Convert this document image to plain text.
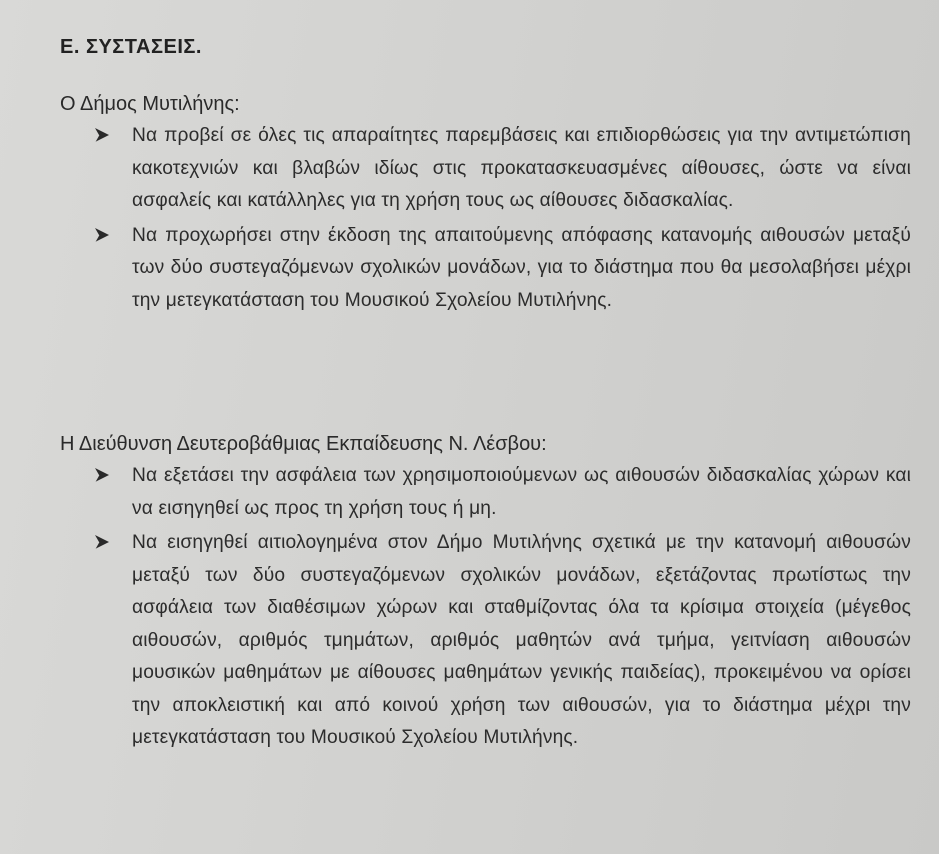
Ε. ΣΥΣΤΑΣΕΙΣ.
Ο Δήμος Μυτιλήνης:
Να προβεί σε όλες τις απαραίτητες παρεμβάσεις και επιδιορθώσεις για την αντιμετώπιση κακοτεχνιών και βλαβών ιδίως στις προκατασκευασμένες αίθουσες, ώστε να είναι ασφαλείς και κατάλληλες για τη χρήση τους ως αίθουσες διδασκαλίας.
Να προχωρήσει στην έκδοση της απαιτούμενης απόφασης κατανομής αιθουσών μεταξύ των δύο συστεγαζόμενων σχολικών μονάδων, για το διάστημα που θα μεσολαβήσει μέχρι την μετεγκατάσταση του Μουσικού Σχολείου Μυτιλήνης.
Η Διεύθυνση Δευτεροβάθμιας Εκπαίδευσης Ν. Λέσβου:
Να εξετάσει την ασφάλεια των χρησιμοποιούμενων ως αιθουσών διδασκαλίας χώρων και να εισηγηθεί ως προς τη χρήση τους ή μη.
Να εισηγηθεί αιτιολογημένα στον Δήμο Μυτιλήνης σχετικά με την κατανομή αιθουσών μεταξύ των δύο συστεγαζόμενων σχολικών μονάδων, εξετάζοντας πρωτίστως την ασφάλεια των διαθέσιμων χώρων και σταθμίζοντας όλα τα κρίσιμα στοιχεία (μέγεθος αιθουσών, αριθμός τμημάτων, αριθμός μαθητών ανά τμήμα, γειτνίαση αιθουσών μουσικών μαθημάτων με αίθουσες μαθημάτων γενικής παιδείας), προκειμένου να ορίσει την αποκλειστική και από κοινού χρήση των αιθουσών, για το διάστημα μέχρι την μετεγκατάσταση του Μουσικού Σχολείου Μυτιλήνης.
